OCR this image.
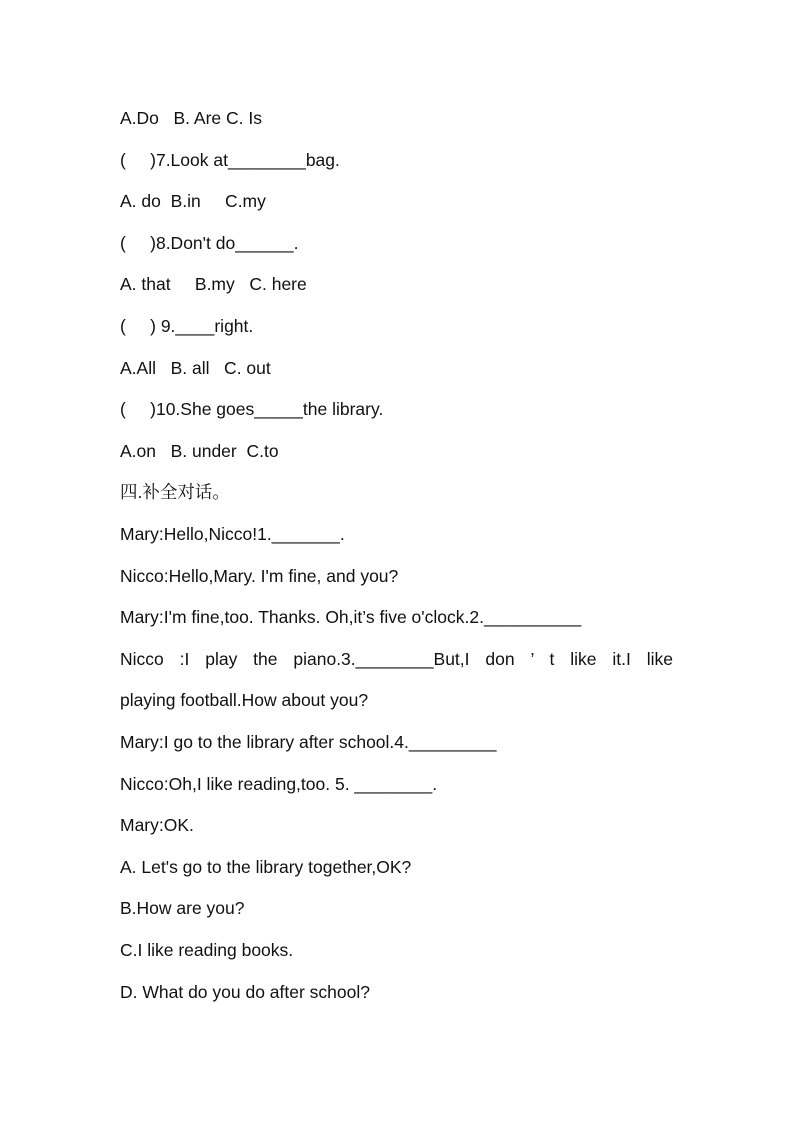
A.Do   B. Are C. Is
(     )7.Look at________bag.
A. do  B.in     C.my
(     )8.Don't do______.
A. that     B.my   C. here
(     ) 9.____right.
A.All   B. all   C. out
(     )10.She goes_____the library.
A.on   B. under  C.to
四.补全对话。
Mary:Hello,Nicco!1._______.
Nicco:Hello,Mary. I'm fine, and you?
Mary:I'm fine,too. Thanks. Oh,it’s five o'clock.2.__________
Nicco :I play the piano.3.________But,I don ’ t like it.I like
playing football.How about you?
Mary:I go to the library after school.4._________
Nicco:Oh,I like reading,too. 5. ________.
Mary:OK.
A. Let's go to the library together,OK?
B.How are you?
C.I like reading books.
D. What do you do after school?
